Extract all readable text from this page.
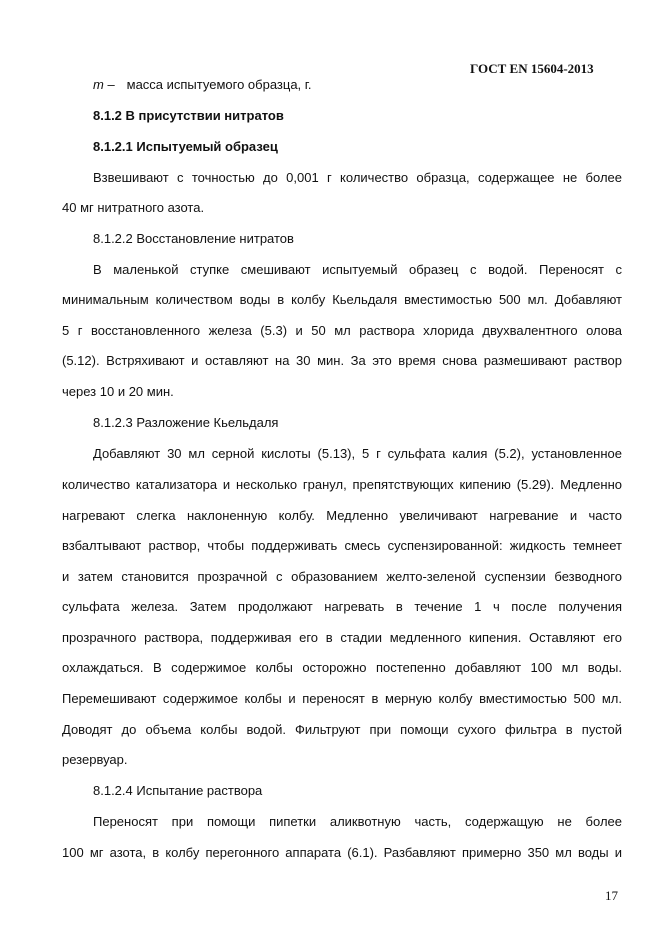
ГОСТ EN 15604-2013
m – масса испытуемого образца, г.
8.1.2 В присутствии нитратов
8.1.2.1 Испытуемый образец
Взвешивают с точностью до 0,001 г количество образца, содержащее не более
40 мг нитратного азота.
8.1.2.2 Восстановление нитратов
В маленькой ступке смешивают испытуемый образец с водой. Переносят с
минимальным количеством воды в колбу Кьельдаля вместимостью 500 мл. Добавляют
5 г восстановленного железа (5.3) и 50 мл раствора хлорида двухвалентного олова
(5.12). Встряхивают и оставляют на 30 мин. За это время снова размешивают раствор
через 10 и 20 мин.
8.1.2.3 Разложение Кьельдаля
Добавляют 30 мл серной кислоты (5.13), 5 г сульфата калия (5.2), установленное
количество катализатора и несколько гранул, препятствующих кипению (5.29). Медленно
нагревают слегка наклоненную колбу. Медленно увеличивают нагревание и часто
взбалтывают раствор, чтобы поддерживать смесь суспензированной: жидкость темнеет
и затем становится прозрачной с образованием желто-зеленой суспензии безводного
сульфата железа. Затем продолжают нагревать в течение 1 ч после получения
прозрачного раствора, поддерживая его в стадии медленного кипения. Оставляют его
охлаждаться. В содержимое колбы осторожно постепенно добавляют 100 мл воды.
Перемешивают содержимое колбы и переносят в мерную колбу вместимостью 500 мл.
Доводят до объема колбы водой. Фильтруют при помощи сухого фильтра в пустой
резервуар.
8.1.2.4 Испытание раствора
Переносят при помощи пипетки аликвотную часть, содержащую не более
100 мг азота, в колбу перегонного аппарата (6.1). Разбавляют примерно 350 мл воды и
17
